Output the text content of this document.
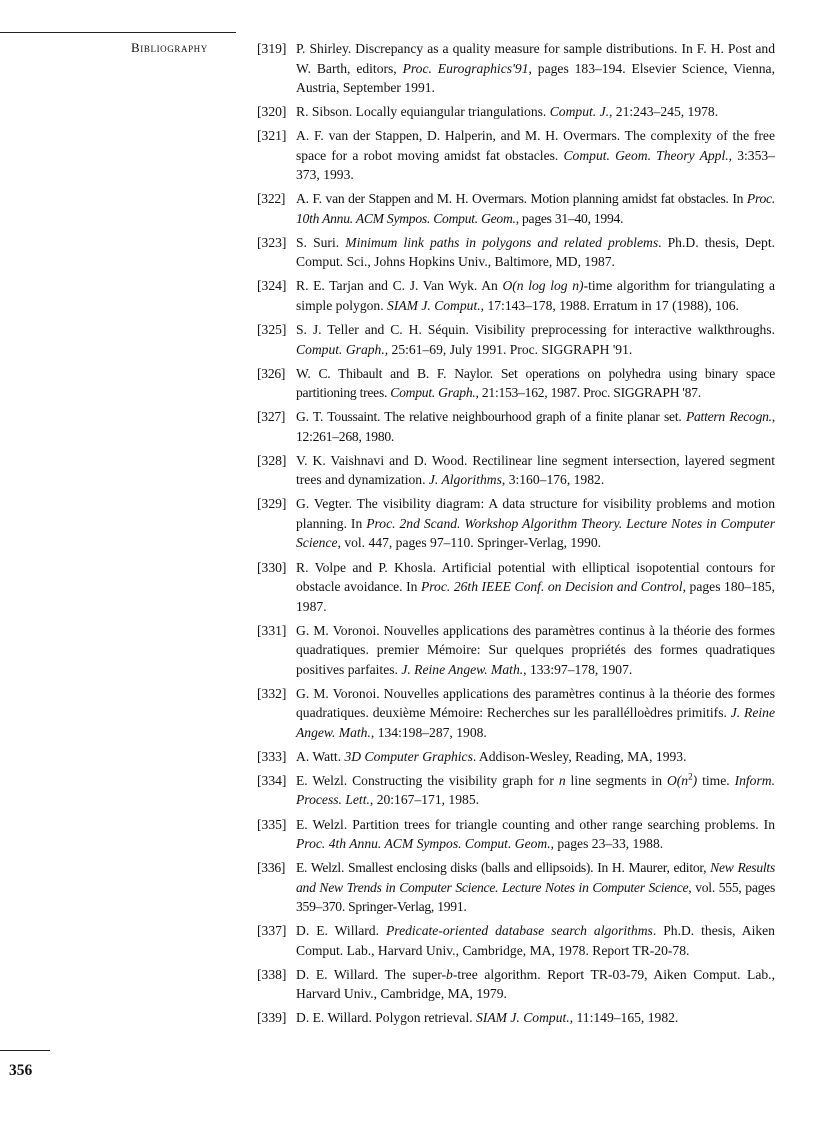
Bibliography	[319] P. Shirley. Discrepancy as a quality measure for sample distributions. In F. H. Post and W. Barth, editors, Proc. Eurographics'91, pages 183–194. Elsevier Science, Vienna, Austria, September 1991.
[320] R. Sibson. Locally equiangular triangulations. Comput. J., 21:243–245, 1978.
[321] A. F. van der Stappen, D. Halperin, and M. H. Overmars. The complexity of the free space for a robot moving amidst fat obstacles. Comput. Geom. Theory Appl., 3:353–373, 1993.
[322] A. F. van der Stappen and M. H. Overmars. Motion planning amidst fat obstacles. In Proc. 10th Annu. ACM Sympos. Comput. Geom., pages 31–40, 1994.
[323] S. Suri. Minimum link paths in polygons and related problems. Ph.D. thesis, Dept. Comput. Sci., Johns Hopkins Univ., Baltimore, MD, 1987.
[324] R. E. Tarjan and C. J. Van Wyk. An O(n log log n)-time algorithm for triangulating a simple polygon. SIAM J. Comput., 17:143–178, 1988. Erratum in 17 (1988), 106.
[325] S. J. Teller and C. H. Séquin. Visibility preprocessing for interactive walkthroughs. Comput. Graph., 25:61–69, July 1991. Proc. SIGGRAPH '91.
[326] W. C. Thibault and B. F. Naylor. Set operations on polyhedra using binary space partitioning trees. Comput. Graph., 21:153–162, 1987. Proc. SIGGRAPH '87.
[327] G. T. Toussaint. The relative neighbourhood graph of a finite planar set. Pattern Recogn., 12:261–268, 1980.
[328] V. K. Vaishnavi and D. Wood. Rectilinear line segment intersection, layered segment trees and dynamization. J. Algorithms, 3:160–176, 1982.
[329] G. Vegter. The visibility diagram: A data structure for visibility problems and motion planning. In Proc. 2nd Scand. Workshop Algorithm Theory. Lecture Notes in Computer Science, vol. 447, pages 97–110. Springer-Verlag, 1990.
[330] R. Volpe and P. Khosla. Artificial potential with elliptical isopotential contours for obstacle avoidance. In Proc. 26th IEEE Conf. on Decision and Control, pages 180–185, 1987.
[331] G. M. Voronoi. Nouvelles applications des paramètres continus à la théorie des formes quadratiques. premier Mémoire: Sur quelques propriétés des formes quadratiques positives parfaites. J. Reine Angew. Math., 133:97–178, 1907.
[332] G. M. Voronoi. Nouvelles applications des paramètres continus à la théorie des formes quadratiques. deuxième Mémoire: Recherches sur les parallélloèdres primitifs. J. Reine Angew. Math., 134:198–287, 1908.
[333] A. Watt. 3D Computer Graphics. Addison-Wesley, Reading, MA, 1993.
[334] E. Welzl. Constructing the visibility graph for n line segments in $O(n^2)$ time. Inform. Process. Lett., 20:167–171, 1985.
[335] E. Welzl. Partition trees for triangle counting and other range searching problems. In Proc. 4th Annu. ACM Sympos. Comput. Geom., pages 23–33, 1988.
[336] E. Welzl. Smallest enclosing disks (balls and ellipsoids). In H. Maurer, editor, New Results and New Trends in Computer Science. Lecture Notes in Computer Science, vol. 555, pages 359–370. Springer-Verlag, 1991.
[337] D. E. Willard. Predicate-oriented database search algorithms. Ph.D. thesis, Aiken Comput. Lab., Harvard Univ., Cambridge, MA, 1978. Report TR-20-78.
[338] D. E. Willard. The super-b-tree algorithm. Report TR-03-79, Aiken Comput. Lab., Harvard Univ., Cambridge, MA, 1979.
[339] D. E. Willard. Polygon retrieval. SIAM J. Comput., 11:149–165, 1982.
356
